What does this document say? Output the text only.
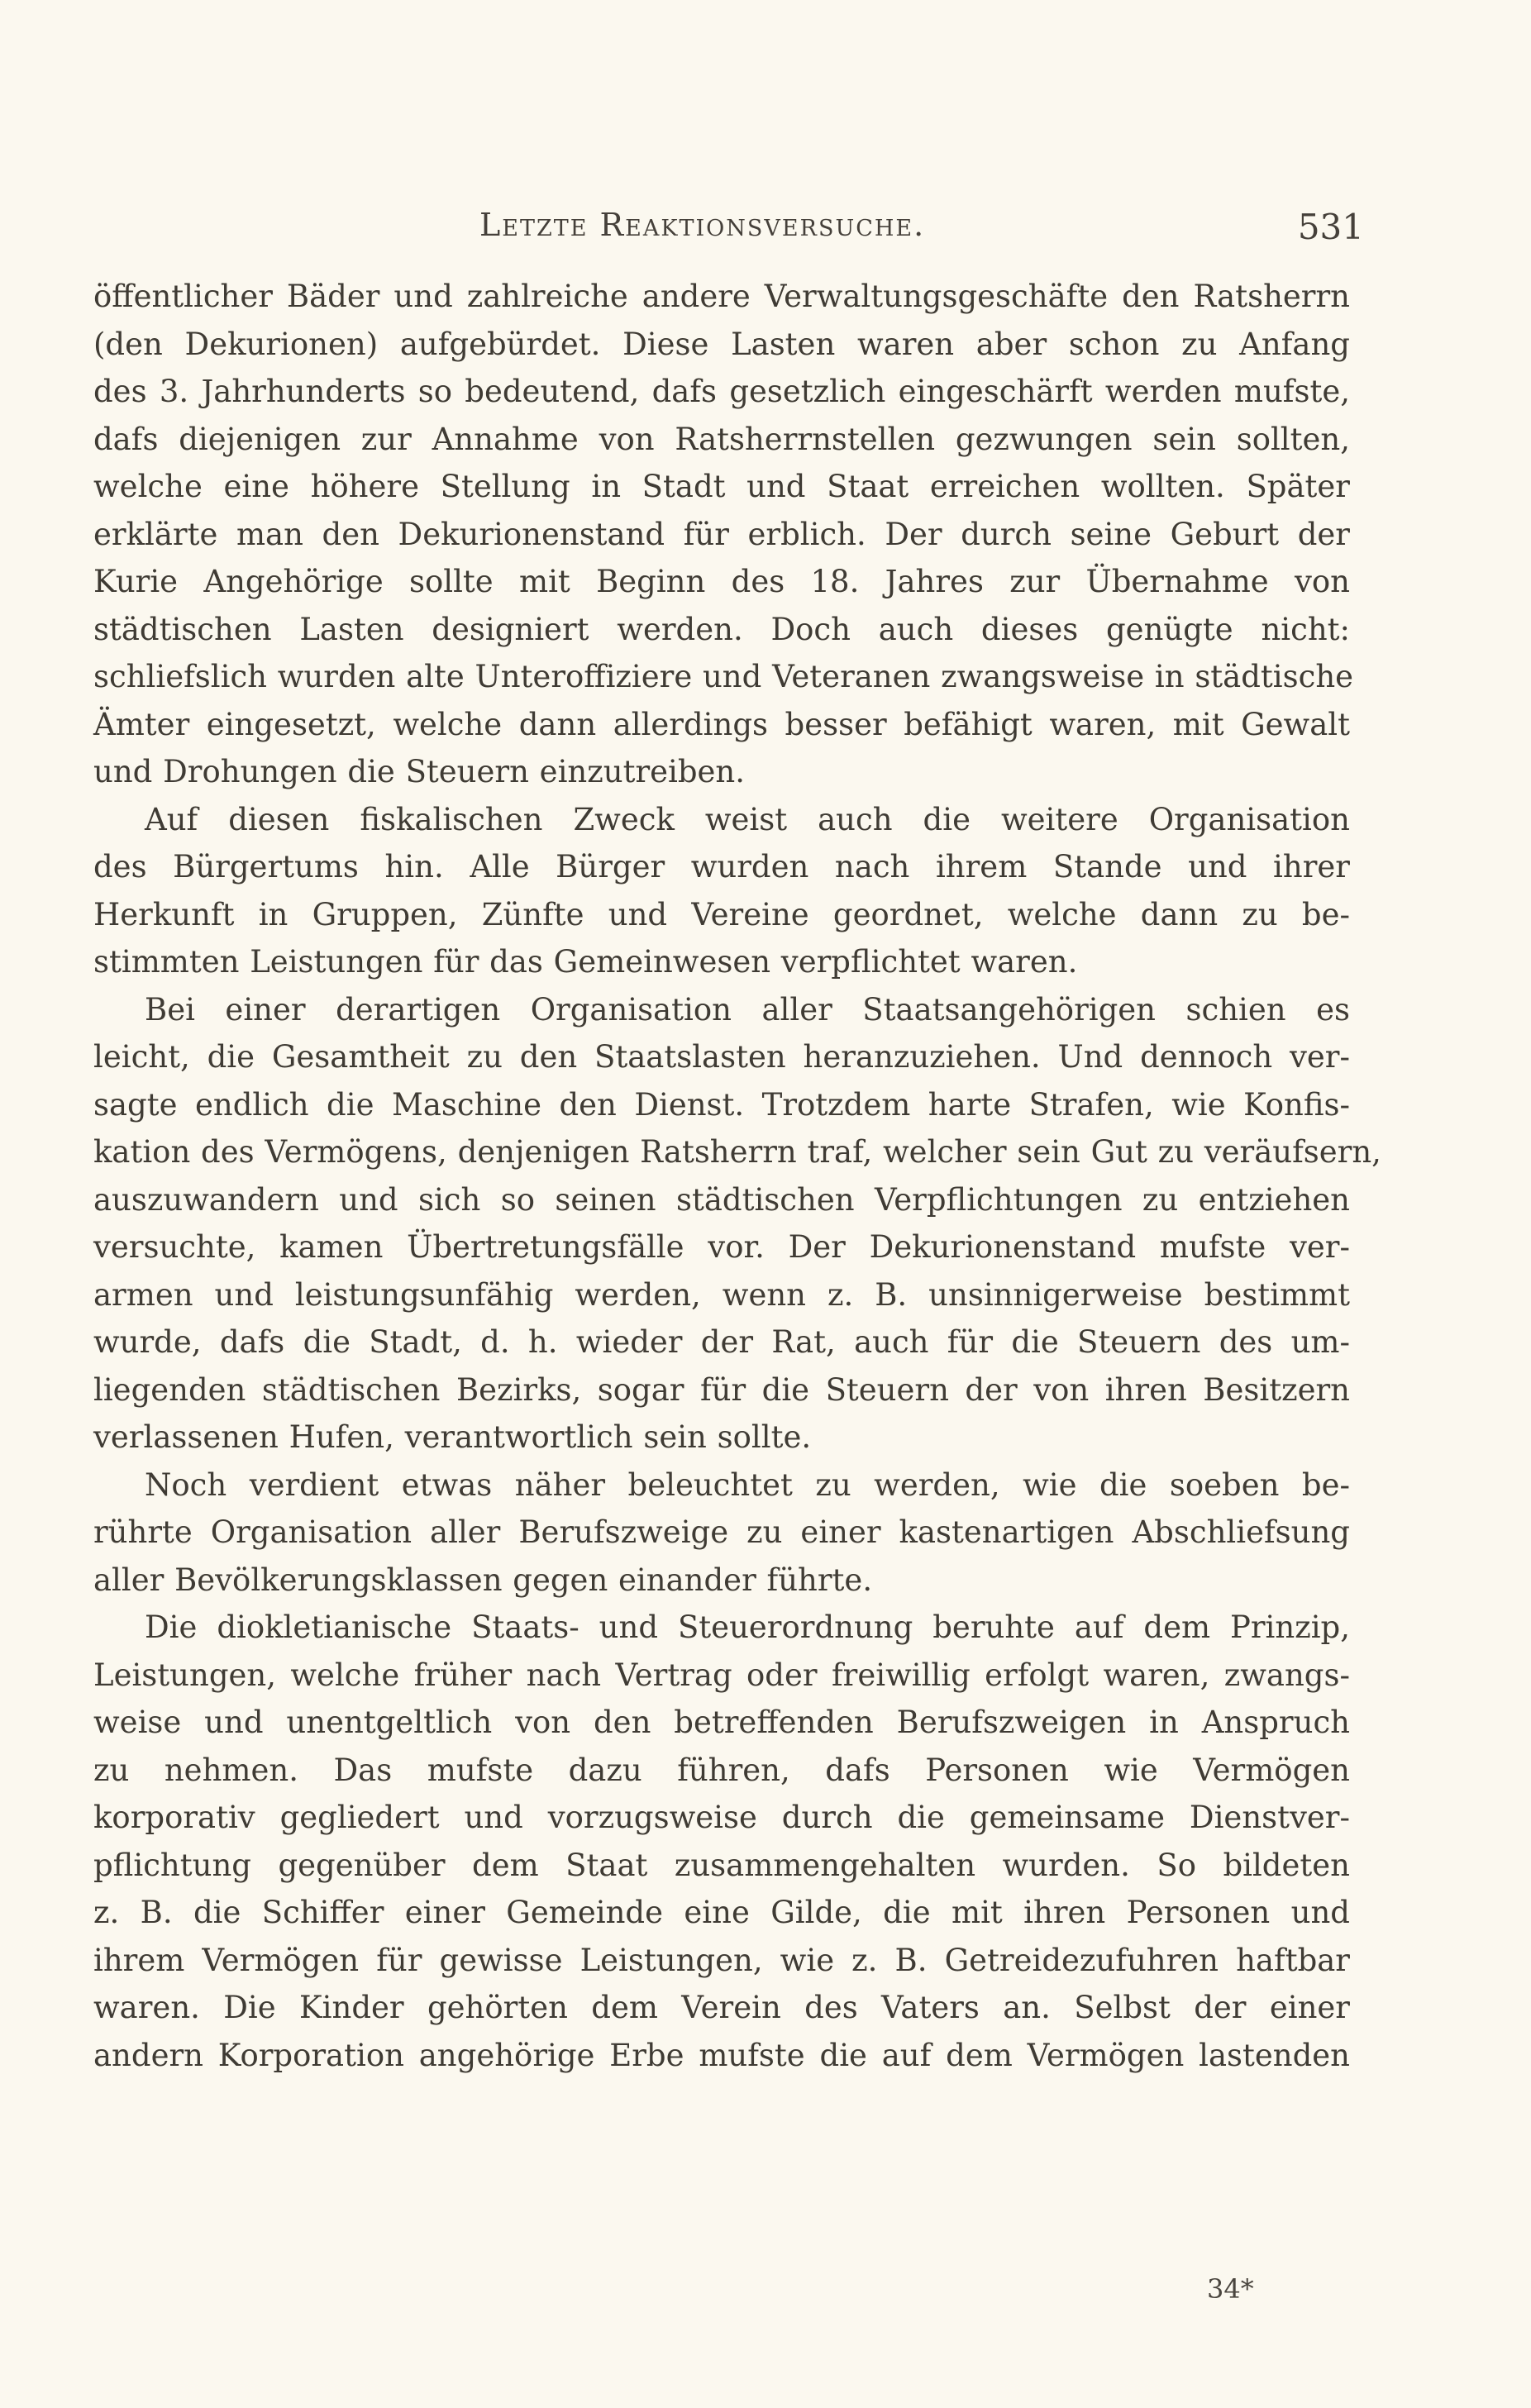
Letzte Reaktionsversuche.	531
öffentlicher Bäder und zahlreiche andere Verwaltungsgeschäfte den Ratsherrn
(den Dekurionen) aufgebürdet. Diese Lasten waren aber schon zu Anfang
des 3. Jahrhunderts so bedeutend, dafs gesetzlich eingeschärft werden mufste,
dafs diejenigen zur Annahme von Ratsherrnstellen gezwungen sein sollten,
welche eine höhere Stellung in Stadt und Staat erreichen wollten. Später
erklärte man den Dekurionenstand für erblich. Der durch seine Geburt der
Kurie Angehörige sollte mit Beginn des 18. Jahres zur Übernahme von
städtischen Lasten designiert werden. Doch auch dieses genügte nicht:
schliefslich wurden alte Unteroffiziere und Veteranen zwangsweise in städtische
Ämter eingesetzt, welche dann allerdings besser befähigt waren, mit Gewalt
und Drohungen die Steuern einzutreiben.
Auf diesen fiskalischen Zweck weist auch die weitere Organisation
des Bürgertums hin. Alle Bürger wurden nach ihrem Stande und ihrer
Herkunft in Gruppen, Zünfte und Vereine geordnet, welche dann zu be-
stimmten Leistungen für das Gemeinwesen verpflichtet waren.
Bei einer derartigen Organisation aller Staatsangehörigen schien es
leicht, die Gesamtheit zu den Staatslasten heranzuziehen. Und dennoch ver-
sagte endlich die Maschine den Dienst. Trotzdem harte Strafen, wie Konfis-
kation des Vermögens, denjenigen Ratsherrn traf, welcher sein Gut zu veräufsern,
auszuwandern und sich so seinen städtischen Verpflichtungen zu entziehen
versuchte, kamen Übertretungsfälle vor. Der Dekurionenstand mufste ver-
armen und leistungsunfähig werden, wenn z. B. unsinnigerweise bestimmt
wurde, dafs die Stadt, d. h. wieder der Rat, auch für die Steuern des um-
liegenden städtischen Bezirks, sogar für die Steuern der von ihren Besitzern
verlassenen Hufen, verantwortlich sein sollte.
Noch verdient etwas näher beleuchtet zu werden, wie die soeben be-
rührte Organisation aller Berufszweige zu einer kastenartigen Abschliefsung
aller Bevölkerungsklassen gegen einander führte.
Die diokletianische Staats- und Steuerordnung beruhte auf dem Prinzip,
Leistungen, welche früher nach Vertrag oder freiwillig erfolgt waren, zwangs-
weise und unentgeltlich von den betreffenden Berufszweigen in Anspruch
zu nehmen. Das mufste dazu führen, dafs Personen wie Vermögen
korporativ gegliedert und vorzugsweise durch die gemeinsame Dienstver-
pflichtung gegenüber dem Staat zusammengehalten wurden. So bildeten
z. B. die Schiffer einer Gemeinde eine Gilde, die mit ihren Personen und
ihrem Vermögen für gewisse Leistungen, wie z. B. Getreidezufuhren haftbar
waren. Die Kinder gehörten dem Verein des Vaters an. Selbst der einer
andern Korporation angehörige Erbe mufste die auf dem Vermögen lastenden
34*
